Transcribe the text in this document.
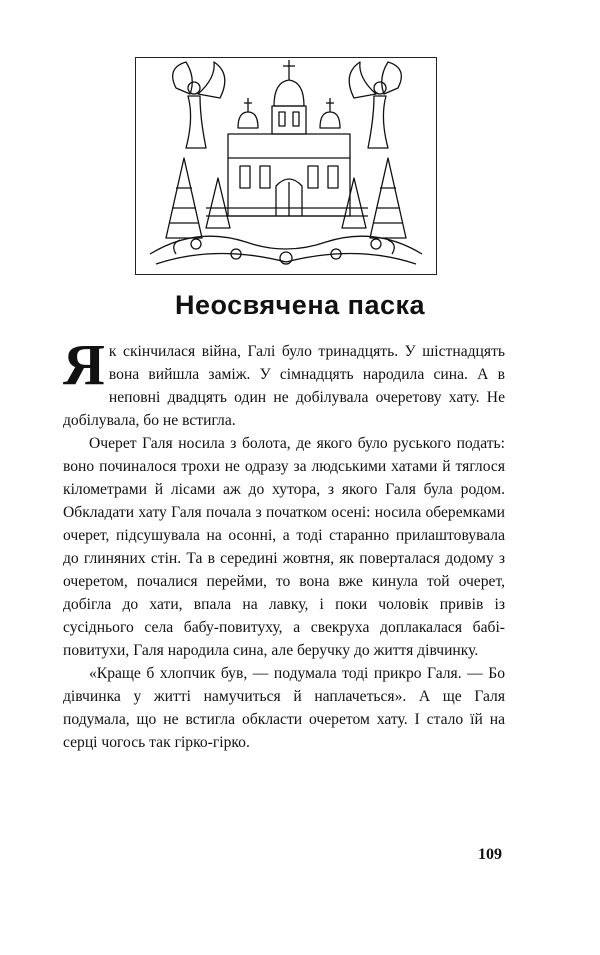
Неосвячена паска

Як скінчилася війна, Галі було тринадцять. У шістнадцять вона вийшла заміж. У сімнадцять народила сина. А в неповні двадцять один не добілувала очеретову хату. Не добілувала, бо не встигла.

Очерет Галя носила з болота, де якого було руського подать: воно починалося трохи не одразу за людськими хатами й тяглося кілометрами й лісами аж до хутора, з якого Галя була родом. Обкладати хату Галя почала з початком осені: носила оберемками очерет, підсушувала на осонні, а тоді старанно прилаштовувала до глиняних стін. Та в середині жовтня, як поверталася додому з очеретом, почалися перейми, то вона вже кинула той очерет, добігла до хати, впала на лавку, і поки чоловік привів із сусіднього села бабу-повитуху, а свекруха доплакалася бабі-повитухи, Галя народила сина, але беручку до життя дівчинку.

«Краще б хлопчик був, — подумала тоді прикро Галя. — Бо дівчинка у житті намучиться й наплачеться». А ще Галя подумала, що не встигла обкласти очеретом хату. І стало їй на серці чогось так гірко-гірко.

109
